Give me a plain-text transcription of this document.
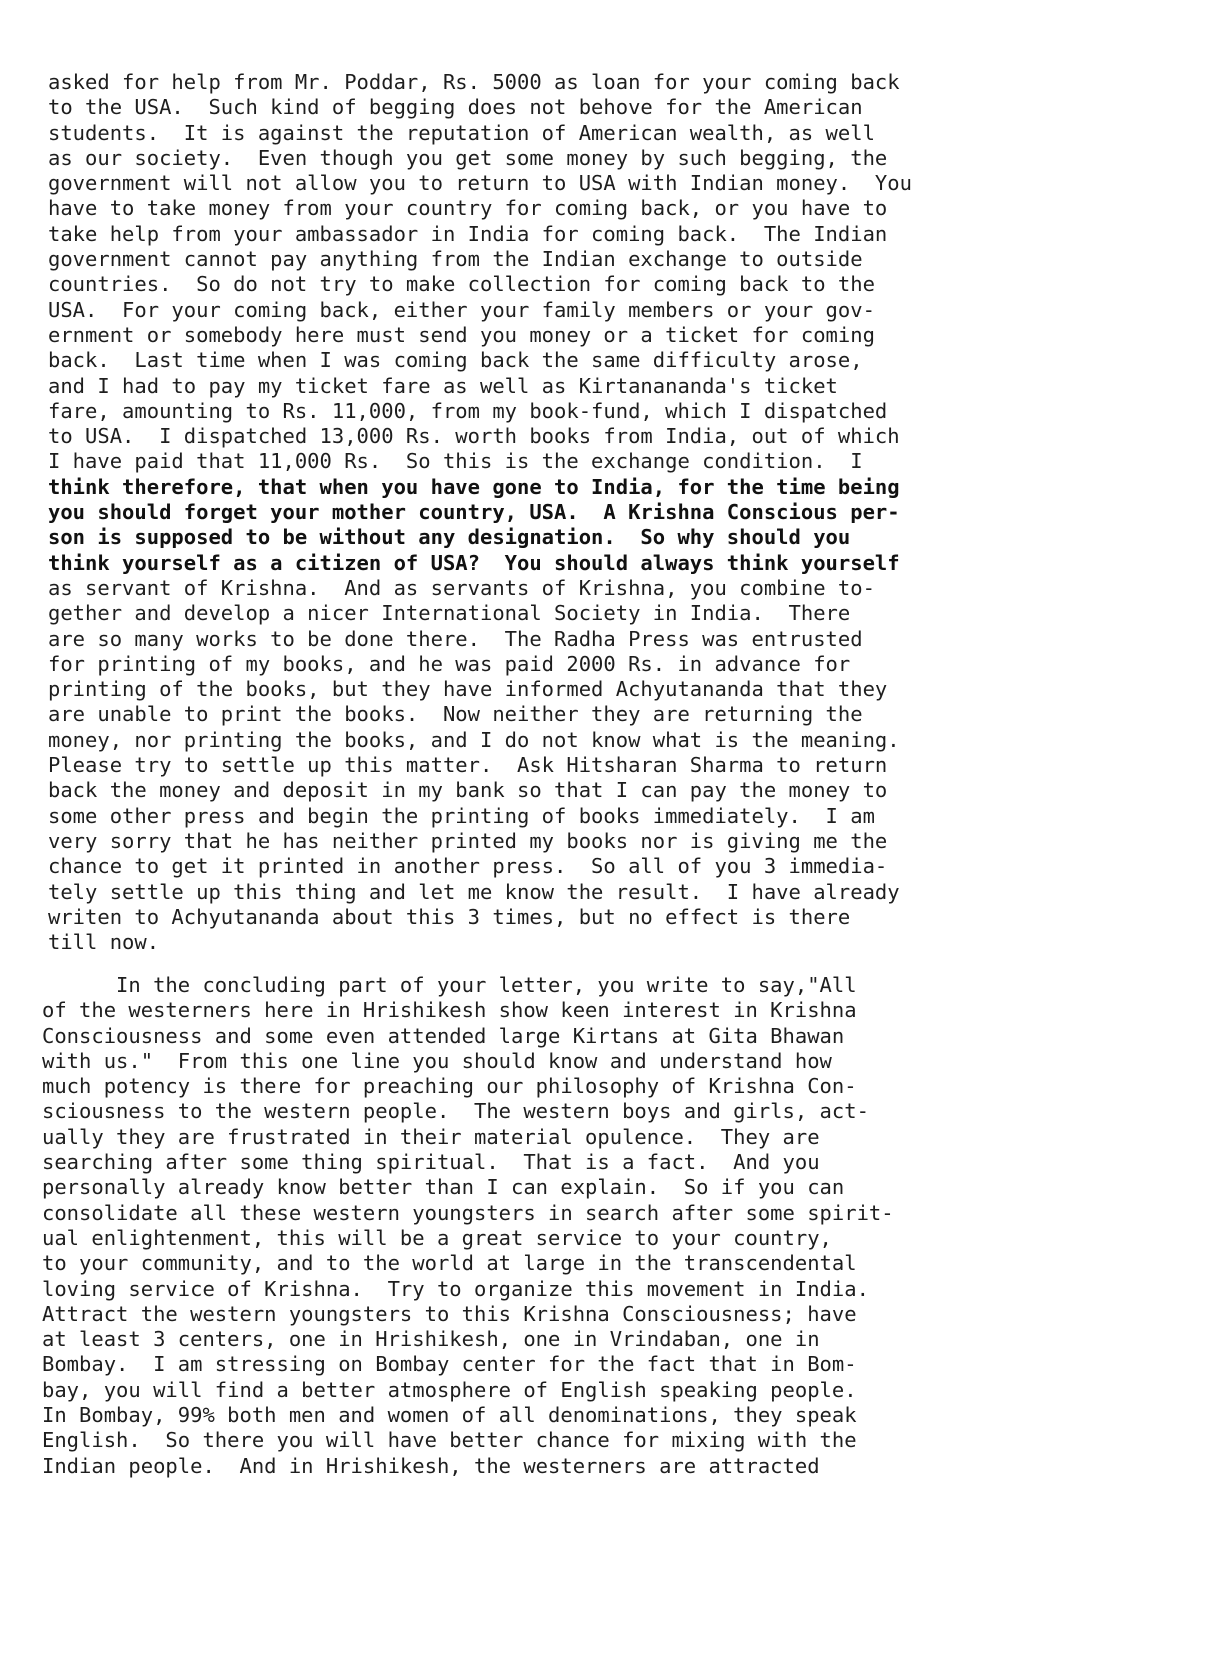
asked for help from Mr. Poddar, Rs. 5000 as loan for your coming back
to the USA.  Such kind of begging does not behove for the American
students.  It is against the reputation of American wealth, as well
as our society.  Even though you get some money by such begging, the
government will not allow you to return to USA with Indian money.  You
have to take money from your country for coming back, or you have to
take help from your ambassador in India for coming back.  The Indian
government cannot pay anything from the Indian exchange to outside
countries.  So do not try to make collection for coming back to the
USA.  For your coming back, either your family members or your gov-
ernment or somebody here must send you money or a ticket for coming
back.  Last time when I was coming back the same difficulty arose,
and I had to pay my ticket fare as well as Kirtanananda's ticket
fare, amounting to Rs. 11,000, from my book-fund, which I dispatched
to USA.  I dispatched 13,000 Rs. worth books from India, out of which
I have paid that 11,000 Rs.  So this is the exchange condition.  I
think therefore, that when you have gone to India, for the time being
you should forget your mother country, USA.  A Krishna Conscious per-
son is supposed to be without any designation.  So why should you
think yourself as a citizen of USA?  You should always think yourself
as servant of Krishna.  And as servants of Krishna, you combine to-
gether and develop a nicer International Society in India.  There
are so many works to be done there.  The Radha Press was entrusted
for printing of my books, and he was paid 2000 Rs. in advance for
printing of the books, but they have informed Achyutananda that they
are unable to print the books.  Now neither they are returning the
money, nor printing the books, and I do not know what is the meaning.
Please try to settle up this matter.  Ask Hitsharan Sharma to return
back the money and deposit in my bank so that I can pay the money to
some other press and begin the printing of books immediately.  I am
very sorry that he has neither printed my books nor is giving me the
chance to get it printed in another press.  So all of you 3 immedia-
tely settle up this thing and let me know the result.  I have already
writen to Achyutananda about this 3 times, but no effect is there
till now.
In the concluding part of your letter, you write to say,"All
of the westerners here in Hrishikesh show keen interest in Krishna
Consciousness and some even attended large Kirtans at Gita Bhawan
with us."  From this one line you should know and understand how
much potency is there for preaching our philosophy of Krishna Con-
sciousness to the western people.  The western boys and girls, act-
ually they are frustrated in their material opulence.  They are
searching after some thing spiritual.  That is a fact.  And you
personally already know better than I can explain.  So if you can
consolidate all these western youngsters in search after some spirit-
ual enlightenment, this will be a great service to your country,
to your community, and to the world at large in the transcendental
loving service of Krishna.  Try to organize this movement in India.
Attract the western youngsters to this Krishna Consciousness; have
at least 3 centers, one in Hrishikesh, one in Vrindaban, one in
Bombay.  I am stressing on Bombay center for the fact that in Bom-
bay, you will find a better atmosphere of English speaking people.
In Bombay, 99% both men and women of all denominations, they speak
English.  So there you will have better chance for mixing with the
Indian people.  And in Hrishikesh, the westerners are attracted
